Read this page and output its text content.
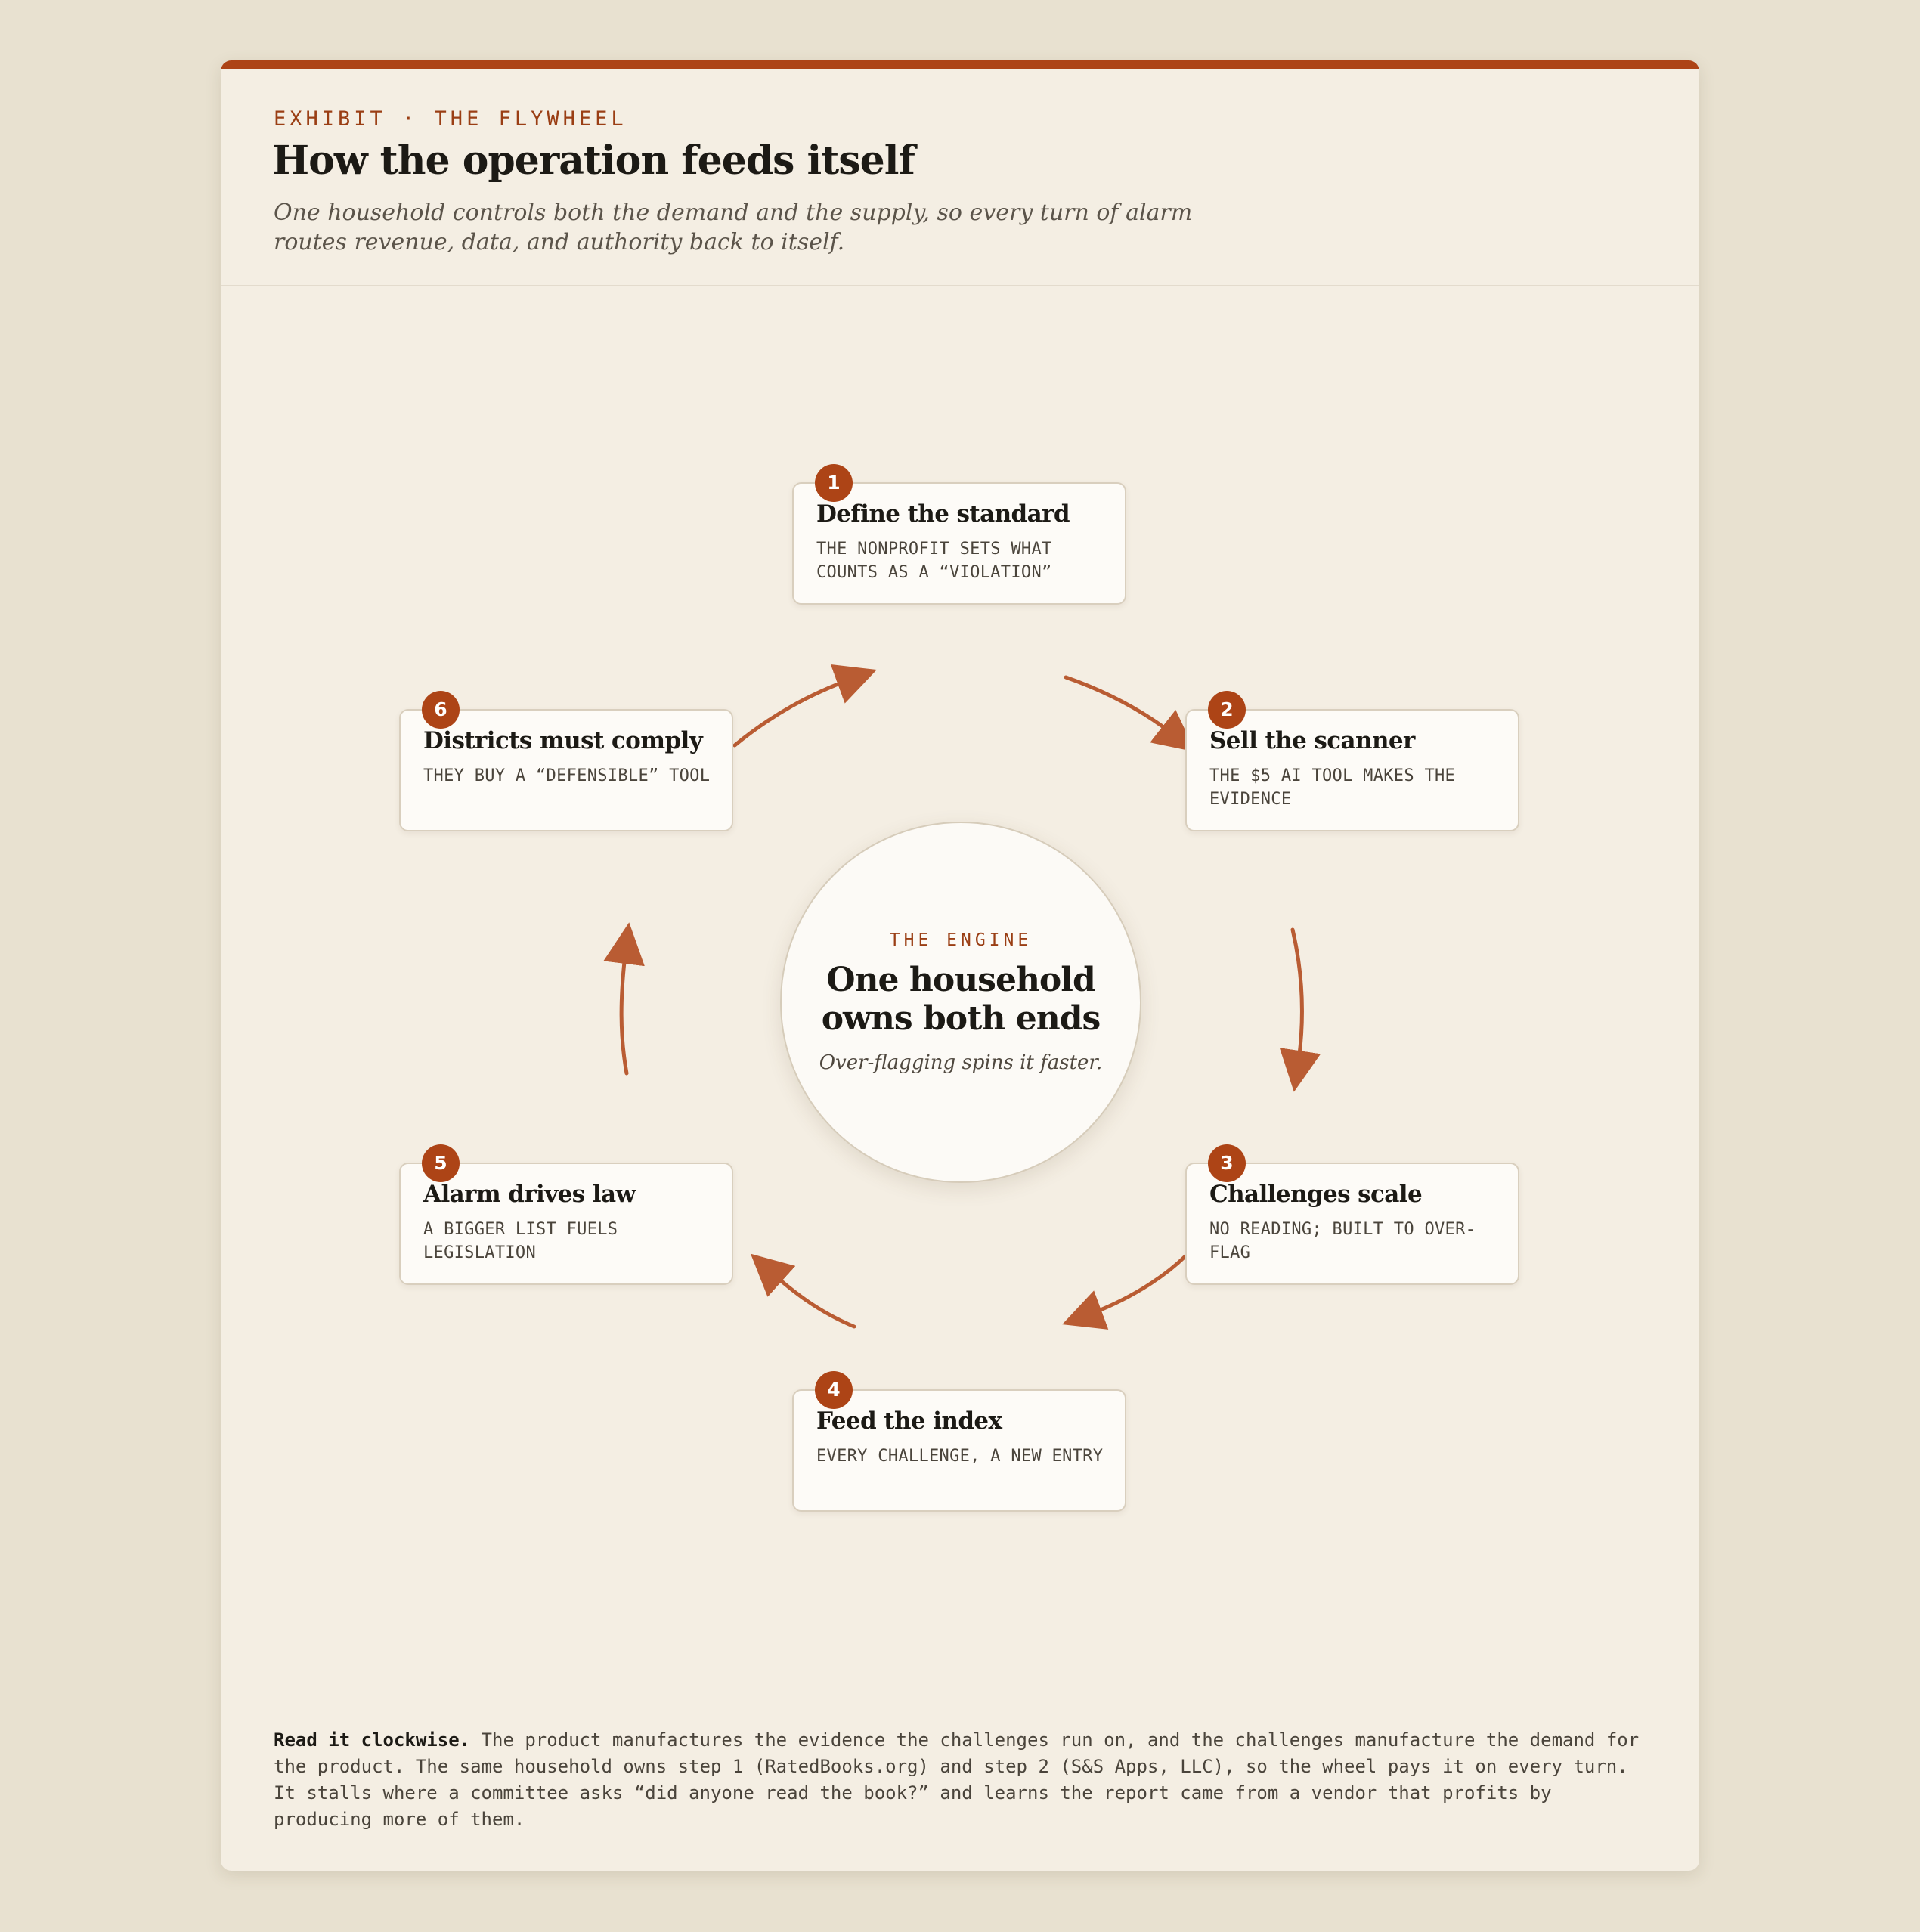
EXHIBIT · THE FLYWHEEL
How the operation feeds itself

One household controls both the demand and the supply, so every turn of alarm routes revenue, data, and authority back to itself.

THE ENGINE
One household owns both ends
Over-flagging spins it faster.
1
Define the standard
THE NONPROFIT SETS WHAT COUNTS AS A “VIOLATION”
2
Sell the scanner
THE $5 AI TOOL MAKES THE EVIDENCE
3
Challenges scale
NO READING; BUILT TO OVER-FLAG
4
Feed the index
EVERY CHALLENGE, A NEW ENTRY
5
Alarm drives law
A BIGGER LIST FUELS LEGISLATION
6
Districts must comply
THEY BUY A “DEFENSIBLE” TOOL

Read it clockwise. The product manufactures the evidence the challenges run on, and the challenges manufacture the demand for the product. The same household owns step 1 (RatedBooks.org) and step 2 (S&S Apps, LLC), so the wheel pays it on every turn. It stalls where a committee asks “did anyone read the book?” and learns the report came from a vendor that profits by producing more of them.
